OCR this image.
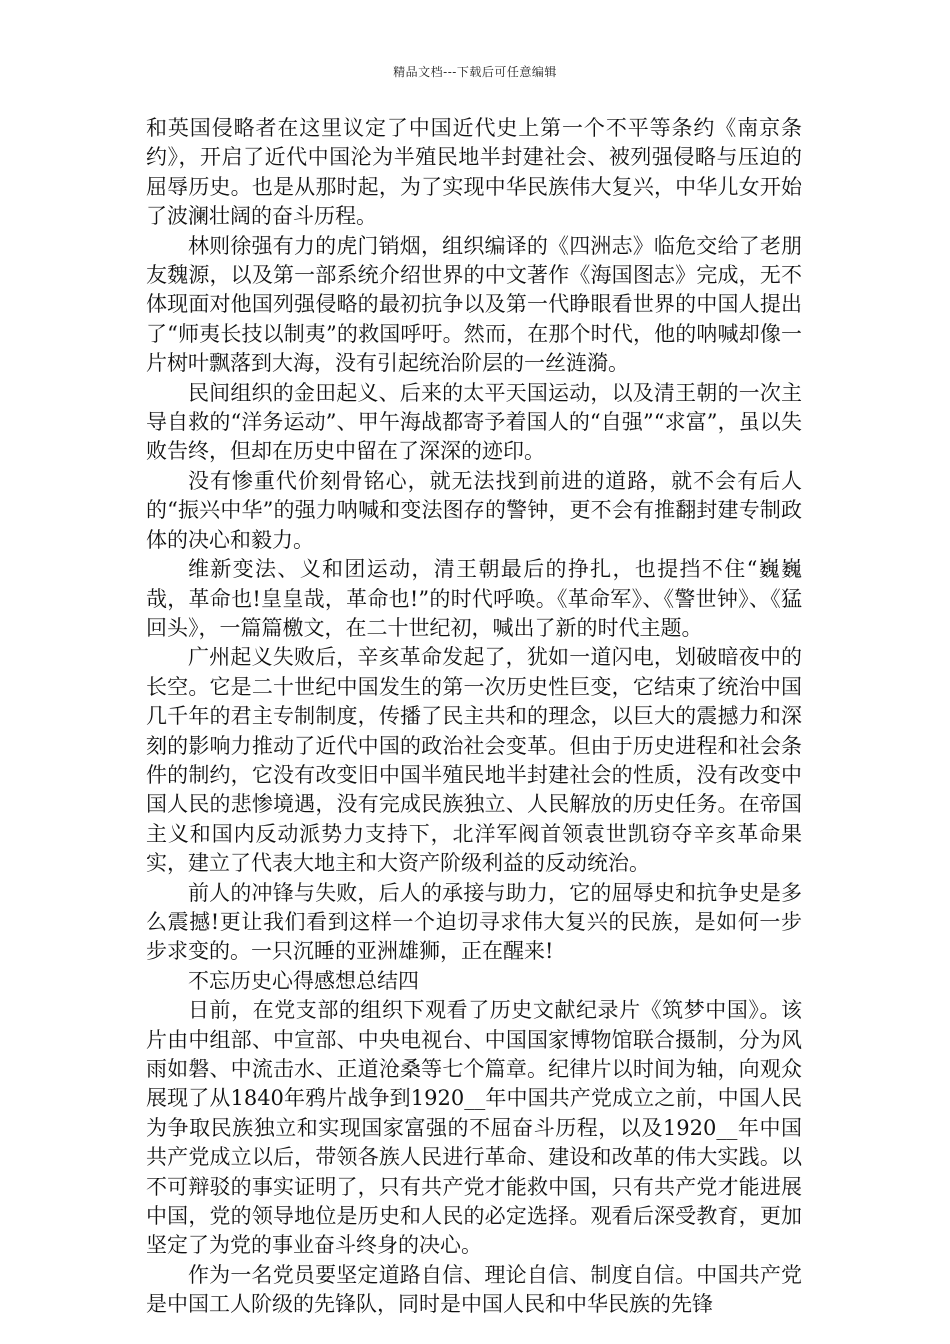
精品文档---下载后可任意编辑

和英国侵略者在这里议定了中国近代史上第一个不平等条约《南京条约》，开启了近代中国沦为半殖民地半封建社会、被列强侵略与压迫的屈辱历史。也是从那时起，为了实现中华民族伟大复兴，中华儿女开始了波澜壮阔的奋斗历程。

林则徐强有力的虎门销烟，组织编译的《四洲志》临危交给了老朋友魏源，以及第一部系统介绍世界的中文著作《海国图志》完成，无不体现面对他国列强侵略的最初抗争以及第一代睁眼看世界的中国人提出了“师夷长技以制夷”的救国呼吁。然而，在那个时代，他的呐喊却像一片树叶飘落到大海，没有引起统治阶层的一丝涟漪。

民间组织的金田起义、后来的太平天国运动，以及清王朝的一次主导自救的“洋务运动”、甲午海战都寄予着国人的“自强”“求富”，虽以失败告终，但却在历史中留在了深深的迹印。

没有惨重代价刻骨铭心，就无法找到前进的道路，就不会有后人的“振兴中华”的强力呐喊和变法图存的警钟，更不会有推翻封建专制政体的决心和毅力。

维新变法、义和团运动，清王朝最后的挣扎，也提挡不住“巍巍哉，革命也!皇皇哉，革命也!”的时代呼唤。《革命军》、《警世钟》、《猛回头》，一篇篇檄文，在二十世纪初，喊出了新的时代主题。

广州起义失败后，辛亥革命发起了，犹如一道闪电，划破暗夜中的长空。它是二十世纪中国发生的第一次历史性巨变，它结束了统治中国几千年的君主专制制度，传播了民主共和的理念，以巨大的震撼力和深刻的影响力推动了近代中国的政治社会变革。但由于历史进程和社会条件的制约，它没有改变旧中国半殖民地半封建社会的性质，没有改变中国人民的悲惨境遇，没有完成民族独立、人民解放的历史任务。在帝国主义和国内反动派势力支持下，北洋军阀首领袁世凯窃夺辛亥革命果实，建立了代表大地主和大资产阶级利益的反动统治。

前人的冲锋与失败，后人的承接与助力，它的屈辱史和抗争史是多么震撼!更让我们看到这样一个迫切寻求伟大复兴的民族，是如何一步步求变的。一只沉睡的亚洲雄狮，正在醒来!

不忘历史心得感想总结四

日前，在党支部的组织下观看了历史文献纪录片《筑梦中国》。该片由中组部、中宣部、中央电视台、中国国家博物馆联合摄制，分为风雨如磐、中流击水、正道沧桑等七个篇章。纪律片以时间为轴，向观众展现了从1840年鸦片战争到1920__年中国共产党成立之前，中国人民为争取民族独立和实现国家富强的不屈奋斗历程，以及1920__年中国共产党成立以后，带领各族人民进行革命、建设和改革的伟大实践。以不可辩驳的事实证明了，只有共产党才能救中国，只有共产党才能进展中国，党的领导地位是历史和人民的必定选择。观看后深受教育，更加坚定了为党的事业奋斗终身的决心。

作为一名党员要坚定道路自信、理论自信、制度自信。中国共产党是中国工人阶级的先锋队，同时是中国人民和中华民族的先锋
